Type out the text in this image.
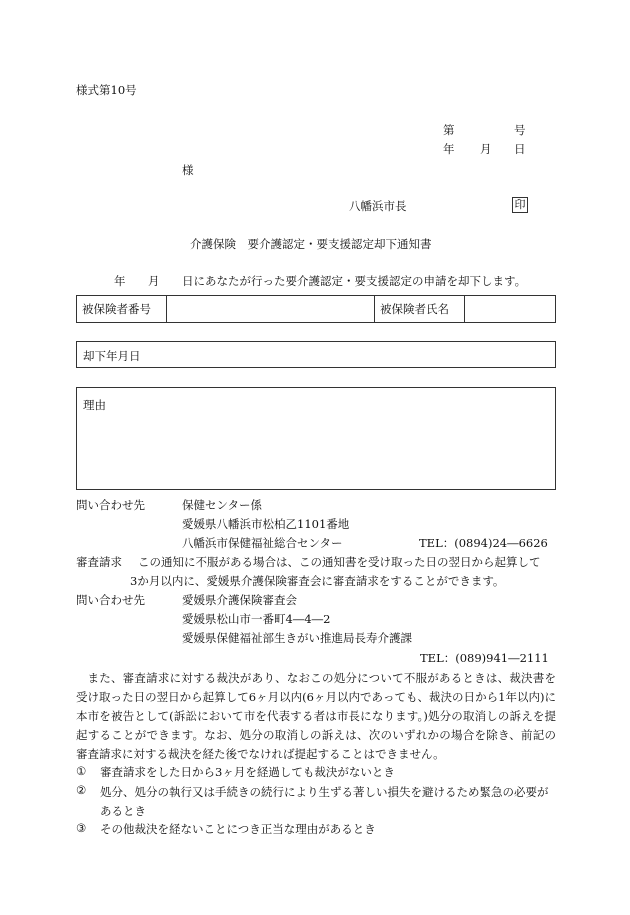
様式第10号
第	号
年 月 日
様
八幡浜市長	印
介護保険　要介護認定・要支援認定却下通知書
年 月 日にあなたが行った要介護認定・要支援認定の申請を却下します。
被保険者番号	被保険者氏名
却下年月日
理由
問い合わせ先	保健センター係
愛媛県八幡浜市松柏乙1101番地
八幡浜市保健福祉総合センター	TEL：(0894)24―6626
審査請求 この通知に不服がある場合は、この通知書を受け取った日の翌日から起算して
3か月以内に、愛媛県介護保険審査会に審査請求をすることができます。
問い合わせ先	愛媛県介護保険審査会
愛媛県松山市一番町4―4―2
愛媛県保健福祉部生きがい推進局長寿介護課
TEL：(089)941―2111
また、審査請求に対する裁決があり、なおこの処分について不服があるときは、裁決書を受け取った日の翌日から起算して6ヶ月以内(6ヶ月以内であっても、裁決の日から1年以内)に本市を被告として(訴訟において市を代表する者は市長になります。)処分の取消しの訴えを提起することができます。なお、処分の取消しの訴えは、次のいずれかの場合を除き、前記の審査請求に対する裁決を経た後でなければ提起することはできません。
① 審査請求をした日から3ヶ月を経過しても裁決がないとき
② 処分、処分の執行又は手続きの続行により生ずる著しい損失を避けるため緊急の必要があるとき
③ その他裁決を経ないことにつき正当な理由があるとき
